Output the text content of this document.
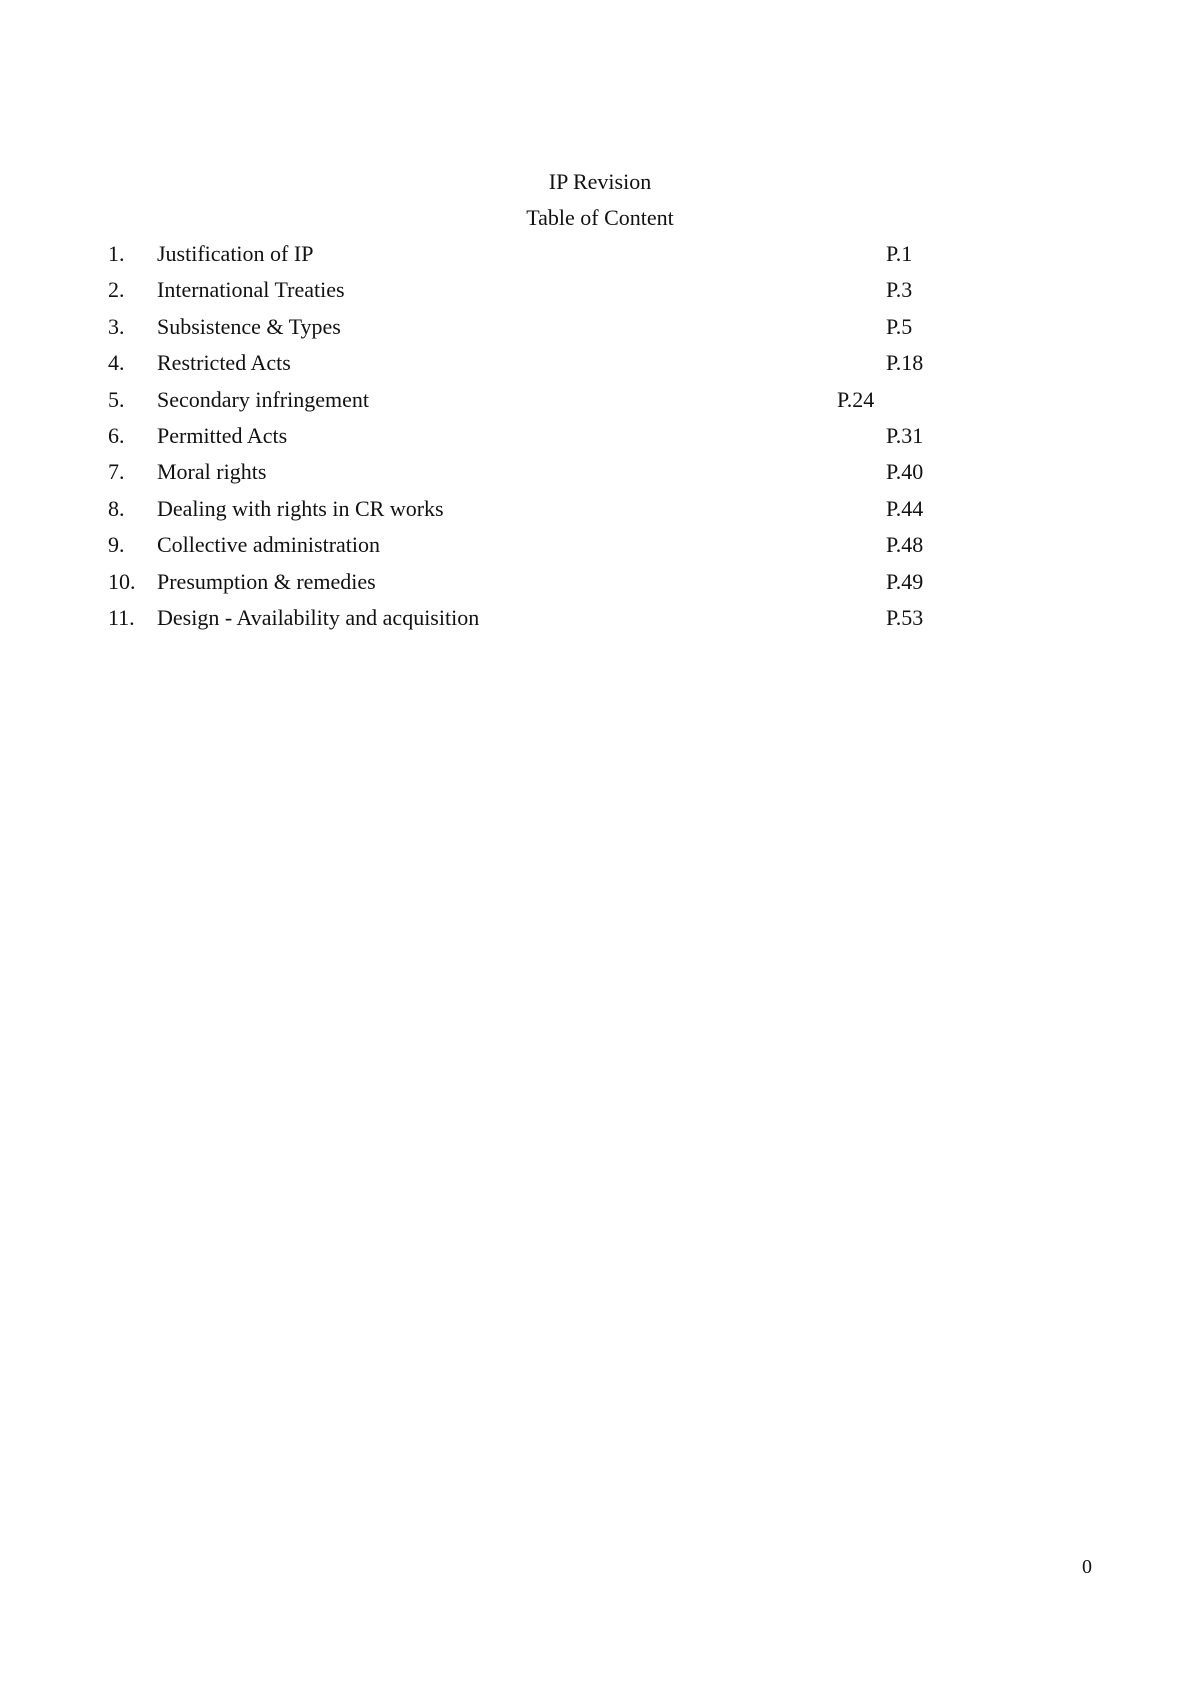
IP Revision
Table of Content
1. Justification of IP	P.1
2. International Treaties	P.3
3. Subsistence & Types	P.5
4. Restricted Acts	P.18
5. Secondary infringement	P.24
6. Permitted Acts	P.31
7. Moral rights	P.40
8. Dealing with rights in CR works	P.44
9. Collective administration	P.48
10. Presumption & remedies	P.49
11. Design - Availability and acquisition	P.53
0
